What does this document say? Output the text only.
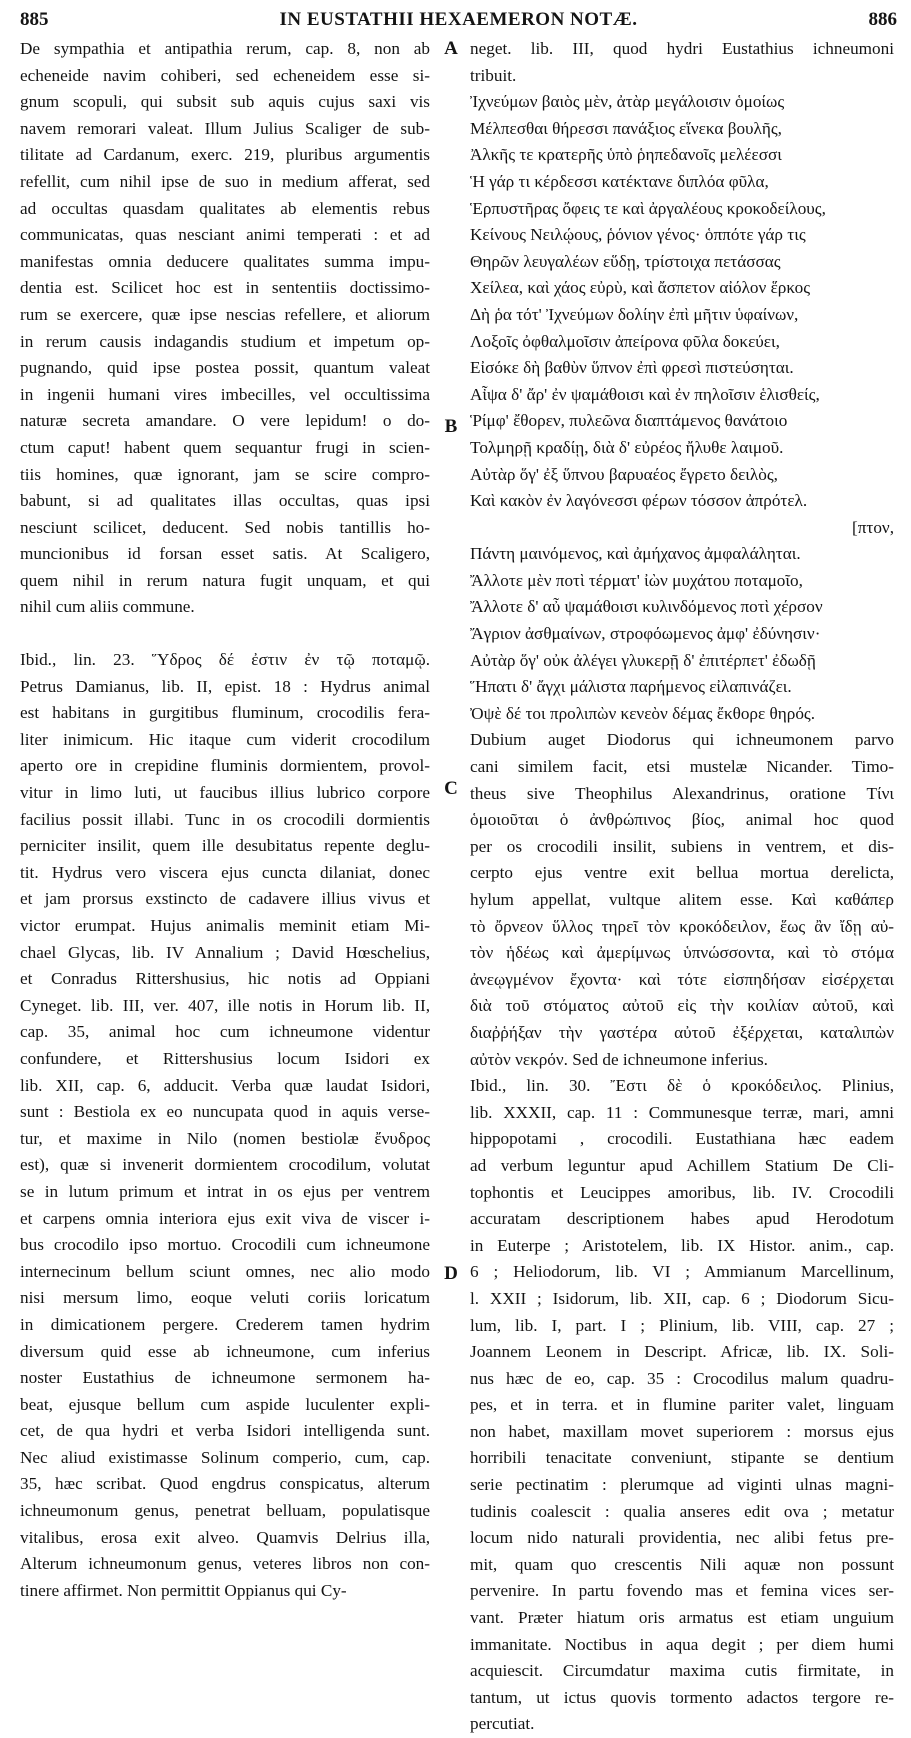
885	IN EUSTATHII HEXAEMERON NOTÆ.	886
De sympathia et antipathia rerum, cap. 8, non ab
echeneide navim cohiberi, sed echeneidem esse si-
gnum scopuli, qui subsit sub aquis cujus saxi vis
navem remorari valeat. Illum Julius Scaliger de sub-
tilitate ad Cardanum, exerc. 219, pluribus argumentis
refellit, cum nihil ipse de suo in medium afferat, sed
ad occultas quasdam qualitates ab elementis rebus
communicatas, quas nesciant animi temperati : et ad
manifestas omnia deducere qualitates summa impu-
dentia est. Scilicet hoc est in sententiis doctissimo-
rum se exercere, quæ ipse nescias refellere, et aliorum
in rerum causis indagandis studium et impetum op-
pugnando, quid ipse postea possit, quantum valeat
in ingenii humani vires imbecilles, vel occultissima
naturæ secreta amandare. O vere lepidum! o do-
ctum caput! habent quem sequantur frugi in scien-
tiis homines, quæ ignorant, jam se scire compro-
babunt, si ad qualitates illas occultas, quas ipsi
nesciunt scilicet, deducent. Sed nobis tantillis ho-
muncionibus id forsan esset satis. At Scaligero,
quem nihil in rerum natura fugit unquam, et qui
nihil cum aliis commune.
Ibid., lin. 23. Ὕδρος δέ ἐστιν ἐν τῷ ποταμῷ.
Petrus Damianus, lib. II, epist. 18 : Hydrus animal
est habitans in gurgitibus fluminum, crocodilis fera-
liter inimicum. Hic itaque cum viderit crocodilum
aperto ore in crepidine fluminis dormientem, provol-
vitur in limo luti, ut faucibus illius lubrico corpore
facilius possit illabi. Tunc in os crocodili dormientis
perniciter insilit, quem ille desubitatus repente deglu-
tit. Hydrus vero viscera ejus cuncta dilaniat, donec
et jam prorsus exstincto de cadavere illius vivus et
victor erumpat. Hujus animalis meminit etiam Mi-
chael Glycas, lib. IV Annalium ; David Hœschelius,
et Conradus Rittershusius, hic notis ad Oppiani
Cyneget. lib. III, ver. 407, ille notis in Horum lib. II,
cap. 35, animal hoc cum ichneumone videntur
confundere, et Rittershusius locum Isidori ex
lib. XII, cap. 6, adducit. Verba quæ laudat Isidori,
sunt : Bestiola ex eo nuncupata quod in aquis verse-
tur, et maxime in Nilo (nomen bestiolæ ἔνυδρος
est), quæ si invenerit dormientem crocodilum, volutat
se in lutum primum et intrat in os ejus per ventrem
et carpens omnia interiora ejus exit viva de viscer i-
bus crocodilo ipso mortuo. Crocodili cum ichneumone
internecinum bellum sciunt omnes, nec alio modo
nisi mersum limo, eoque veluti coriis loricatum
in dimicationem pergere. Crederem tamen hydrim
diversum quid esse ab ichneumone, cum inferius
noster Eustathius de ichneumone sermonem ha-
beat, ejusque bellum cum aspide luculenter expli-
cet, de qua hydri et verba Isidori intelligenda sunt.
Nec aliud existimasse Solinum comperio, cum, cap.
35, hæc scribat. Quod engdrus conspicatus, alterum
ichneumonum genus, penetrat belluam, populatisque
vitalibus, erosa exit alveo. Quamvis Delrius illa,
Alterum ichneumonum genus, veteres libros non con-
tinere affirmet. Non permittit Oppianus qui Cy-
A
B
C
D
neget. lib. III, quod hydri Eustathius ichneumoni
tribuit.
Ἰχνεύμων βαιὸς μὲν, ἀτὰρ μεγάλοισιν ὁμοίως
Μέλπεσθαι θήρεσσι πανάξιος εἵνεκα βουλῆς,
Ἀλκῆς τε κρατερῆς ὑπὸ ῥηπεδανοῖς μελέεσσι
Ἡ γάρ τι κέρδεσσι κατέκτανε διπλόα φῦλα,
Ἑρπυστῆρας ὄφεις τε καὶ ἀργαλέους κροκοδείλους,
Κείνους Νειλῴους, ῥόνιον γένος· ὁππότε γάρ τις
Θηρῶν λευγαλέων εὕδῃ, τρίστοιχα πετάσσας
Χείλεα, καὶ χάος εὐρὺ, καὶ ἄσπετον αἰόλον ἕρκος
Δὴ ῥα τότ' Ἰχνεύμων δολίην ἐπὶ μῆτιν ὑφαίνων,
Λοξοῖς ὀφθαλμοῖσιν ἀπείρονα φῦλα δοκεύει,
Εἰσόκε δὴ βαθὺν ὕπνον ἐπὶ φρεσὶ πιστεύσηται.
Αἶψα δ' ἄρ' ἐν ψαμάθοισι καὶ ἐν πηλοῖσιν ἑλισθείς,
Ῥίμφ' ἔθορεν, πυλεῶνα διαπτάμενος θανάτοιο
Τολμηρῇ κραδίῃ, διὰ δ' εὐρέος ἤλυθε λαιμοῦ.
Αὐτὰρ ὅγ' ἐξ ὕπνου βαρυαέος ἔγρετο δειλὸς,
Καὶ κακὸν ἐν λαγόνεσσι φέρων τόσσον ἀπρότελ.
[πτον,
Πάντη μαινόμενος, καὶ ἀμήχανος ἀμφαλάληται.
Ἄλλοτε μὲν ποτὶ τέρματ' ἰὼν μυχάτου ποταμοῖο,
Ἄλλοτε δ' αὖ ψαμάθοισι κυλινδόμενος ποτὶ χέρσον
Ἄγριον ἀσθμαίνων, στροφόωμενος ἀμφ' ἐδύνησιν·
Αὐτὰρ ὅγ' οὐκ ἀλέγει γλυκερῇ δ' ἐπιτέρπετ' ἐδωδῇ
Ἥπατι δ' ἄγχι μάλιστα παρήμενος εἰλαπινάζει.
Ὀψὲ δέ τοι προλιπὼν κενεὸν δέμας ἔκθορε θηρός.
Dubium auget Diodorus qui ichneumonem parvo
cani similem facit, etsi mustelæ Nicander. Timo-
theus sive Theophilus Alexandrinus, oratione Τίνι
ὁμοιοῦται ὁ ἀνθρώπινος βίος, animal hoc quod
per os crocodili insilit, subiens in ventrem, et dis-
cerpto ejus ventre exit bellua mortua derelicta,
hylum appellat, vultque alitem esse. Καὶ καθάπερ
τὸ ὄρνεον ὕλλος τηρεῖ τὸν κροκόδειλον, ἕως ἂν ἴδῃ αὐ-
τὸν ἡδέως καὶ ἀμερίμνως ὑπνώσσοντα, καὶ τὸ στόμα
ἀνεῳγμένον ἔχοντα· καὶ τότε εἰσπηδήσαν εἰσέρχεται
διὰ τοῦ στόματος αὐτοῦ εἰς τὴν κοιλίαν αὐτοῦ, καὶ
διαῤῥήξαν τὴν γαστέρα αὐτοῦ ἐξέρχεται, καταλιπὼν
αὐτὸν νεκρόν. Sed de ichneumone inferius.
Ibid., lin. 30. Ἔστι δὲ ὁ κροκόδειλος. Plinius,
lib. XXXII, cap. 11 : Communesque terræ, mari, amni
hippopotami , crocodili. Eustathiana hæc eadem
ad verbum leguntur apud Achillem Statium De Cli-
tophontis et Leucippes amoribus, lib. IV. Crocodili
accuratam descriptionem habes apud Herodotum
in Euterpe ; Aristotelem, lib. IX Histor. anim., cap.
6 ; Heliodorum, lib. VI ; Ammianum Marcellinum,
l. XXII ; Isidorum, lib. XII, cap. 6 ; Diodorum Sicu-
lum, lib. I, part. I ; Plinium, lib. VIII, cap. 27 ;
Joannem Leonem in Descript. Africæ, lib. IX. Soli-
nus hæc de eo, cap. 35 : Crocodilus malum quadru-
pes, et in terra. et in flumine pariter valet, linguam
non habet, maxillam movet superiorem : morsus ejus
horribili tenacitate conveniunt, stipante se dentium
serie pectinatim : plerumque ad viginti ulnas magni-
tudinis coalescit : qualia anseres edit ova ; metatur
locum nido naturali providentia, nec alibi fetus pre-
mit, quam quo crescentis Nili aquæ non possunt
pervenire. In partu fovendo mas et femina vices ser-
vant. Præter hiatum oris armatus est etiam unguium
immanitate. Noctibus in aqua degit ; per diem humi
acquiescit. Circumdatur maxima cutis firmitate, in
tantum, ut ictus quovis tormento adactos tergore re-
percutiat.
